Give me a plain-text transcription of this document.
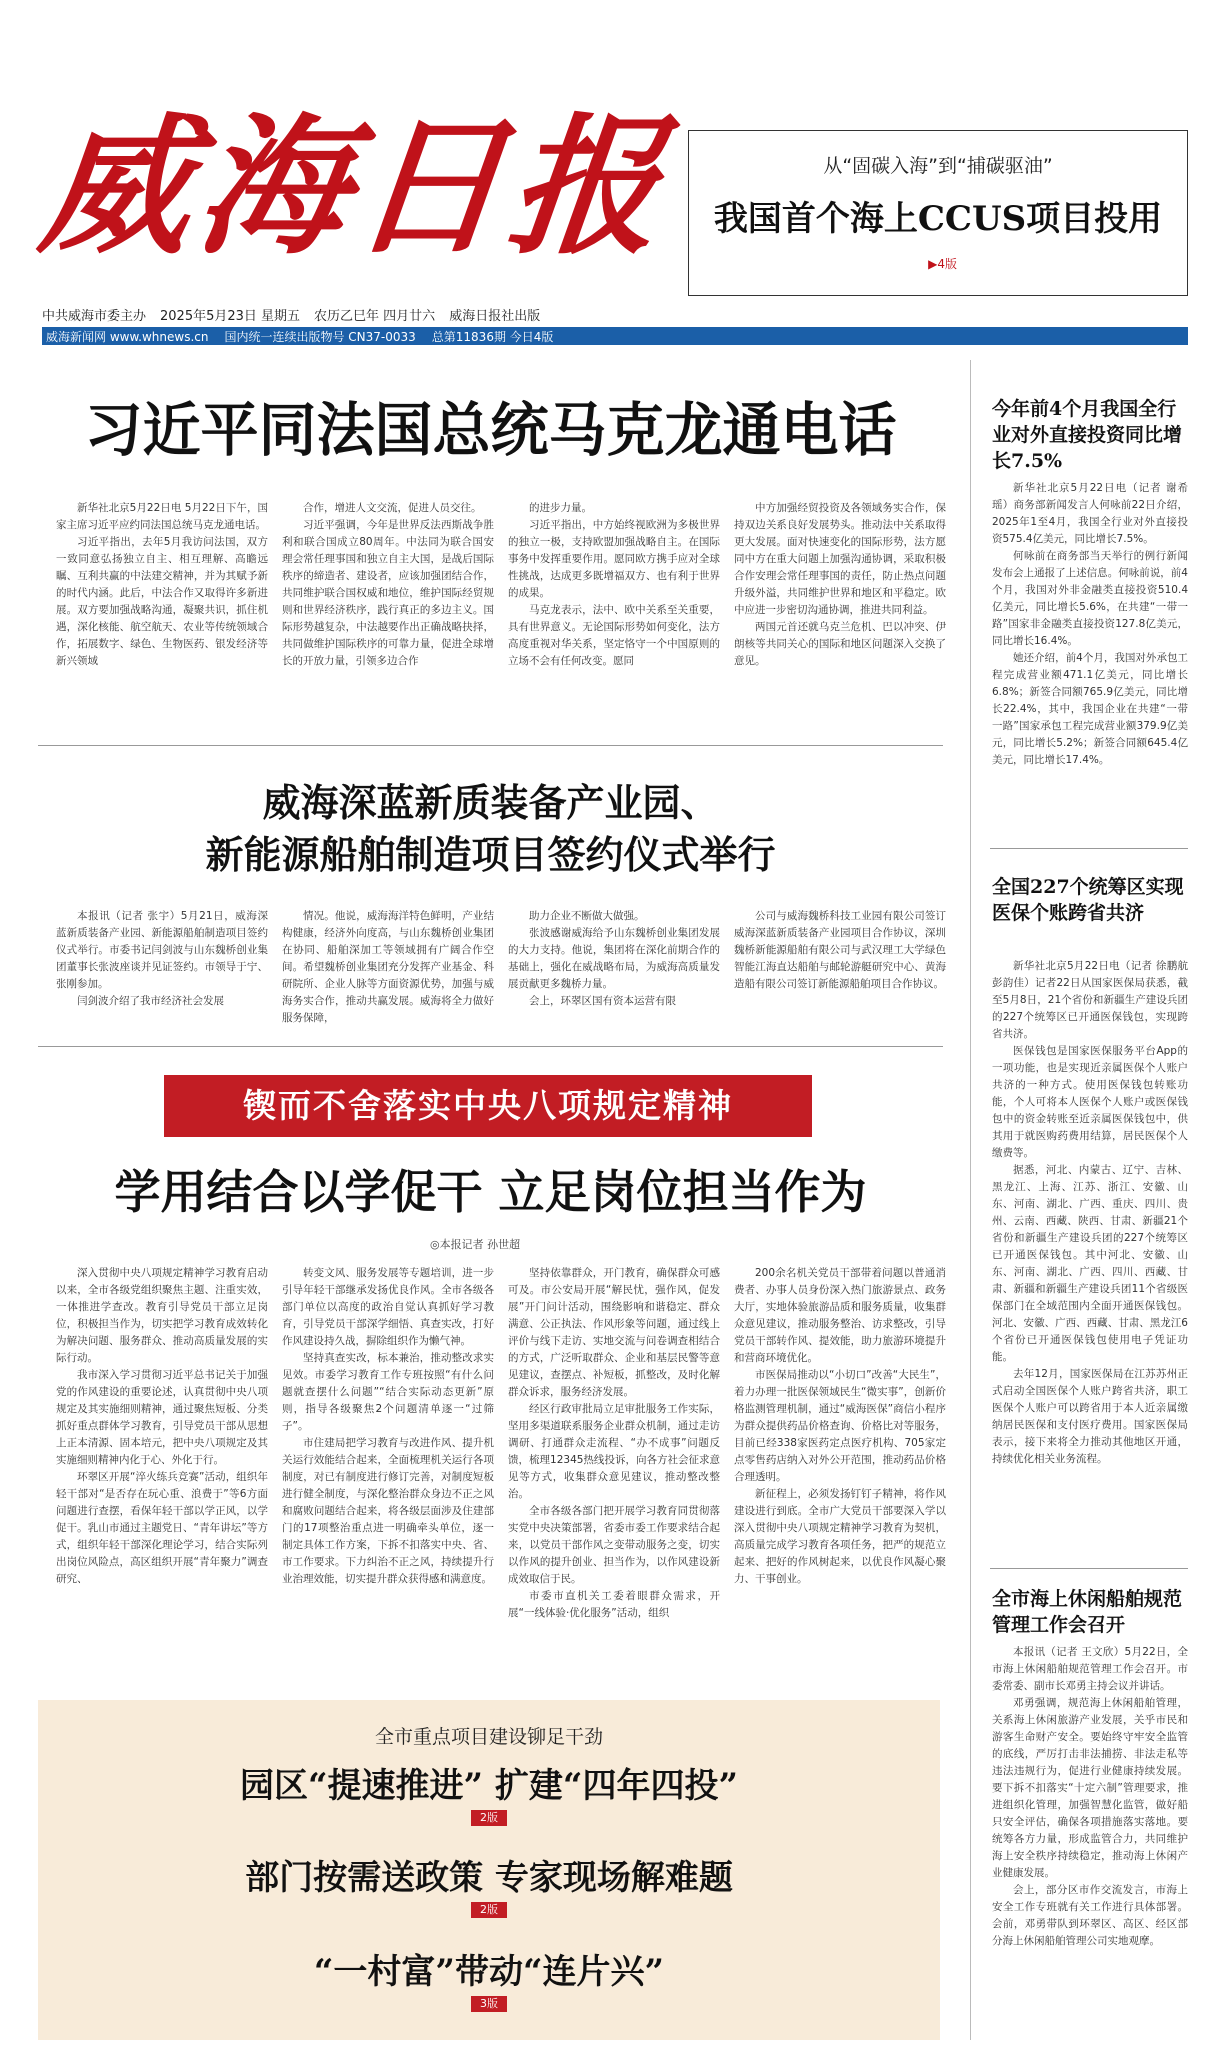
威海日报	从“固碳入海”到“捕碳驱油”
我国首个海上CCUS项目投用
▶4版
中共威海市委主办 2025年5月23日 星期五 农历乙巳年 四月廿六 威海日报社出版
威海新闻网 www.whnews.cn 国内统一连续出版物号 CN37-0033 总第11836期 今日4版
习近平同法国总统马克龙通电话

新华社北京5月22日电 5月22日下午，国家主席习近平应约同法国总统马克龙通电话。

习近平指出，去年5月我访问法国，双方一致同意弘扬独立自主、相互理解、高瞻远瞩、互利共赢的中法建交精神，并为其赋予新的时代内涵。此后，中法合作又取得许多新进展。双方要加强战略沟通，凝聚共识，抓住机遇，深化核能、航空航天、农业等传统领域合作，拓展数字、绿色、生物医药、银发经济等新兴领域

合作，增进人文交流，促进人员交往。

习近平强调，今年是世界反法西斯战争胜利和联合国成立80周年。中法同为联合国安理会常任理事国和独立自主大国，是战后国际秩序的缔造者、建设者，应该加强团结合作，共同维护联合国权威和地位，维护国际经贸规则和世界经济秩序，践行真正的多边主义。国际形势越复杂，中法越要作出正确战略抉择，共同做维护国际秩序的可靠力量，促进全球增长的开放力量，引领多边合作

的进步力量。

习近平指出，中方始终视欧洲为多极世界的独立一极，支持欧盟加强战略自主。在国际事务中发挥重要作用。愿同欧方携手应对全球性挑战，达成更多既增福双方、也有利于世界的成果。

马克龙表示，法中、欧中关系至关重要，具有世界意义。无论国际形势如何变化，法方高度重视对华关系，坚定恪守一个中国原则的立场不会有任何改变。愿同

中方加强经贸投资及各领域务实合作，保持双边关系良好发展势头。推动法中关系取得更大发展。面对快速变化的国际形势，法方愿同中方在重大问题上加强沟通协调，采取积极合作安理会常任理事国的责任，防止热点问题升级外溢，共同维护世界和地区和平稳定。欧中应进一步密切沟通协调，推进共同利益。

两国元首还就乌克兰危机、巴以冲突、伊朗核等共同关心的国际和地区问题深入交换了意见。

威海深蓝新质装备产业园、
新能源船舶制造项目签约仪式举行

本报讯（记者 张宇）5月21日，威海深蓝新质装备产业园、新能源船舶制造项目签约仪式举行。市委书记闫剑波与山东魏桥创业集团董事长张波座谈并见证签约。市领导于宁、张刚参加。

闫剑波介绍了我市经济社会发展

情况。他说，威海海洋特色鲜明，产业结构健康，经济外向度高，与山东魏桥创业集团在协同、船舶深加工等领域拥有广阔合作空间。希望魏桥创业集团充分发挥产业基金、科研院所、企业人脉等方面资源优势，加强与威海务实合作，推动共赢发展。威海将全力做好服务保障，

助力企业不断做大做强。

张波感谢威海给予山东魏桥创业集团发展的大力支持。他说，集团将在深化前期合作的基础上，强化在威战略布局，为威海高质量发展贡献更多魏桥力量。

会上，环翠区国有资本运营有限

公司与威海魏桥科技工业园有限公司签订威海深蓝新质装备产业园项目合作协议，深圳魏桥新能源船舶有限公司与武汉理工大学绿色智能江海直达船舶与邮轮游艇研究中心、黄海造船有限公司签订新能源船舶项目合作协议。

锲而不舍落实中央八项规定精神
学用结合以学促干 立足岗位担当作为
◎本报记者 孙世超

深入贯彻中央八项规定精神学习教育启动以来，全市各级党组织聚焦主题、注重实效，一体推进学查改。教育引导党员干部立足岗位，积极担当作为，切实把学习教育成效转化为解决问题、服务群众、推动高质量发展的实际行动。

我市深入学习贯彻习近平总书记关于加强党的作风建设的重要论述，认真贯彻中央八项规定及其实施细则精神，通过聚焦短板、分类抓好重点群体学习教育，引导党员干部从思想上正本清源、固本培元，把中央八项规定及其实施细则精神内化于心、外化于行。

环翠区开展“淬火练兵竞赛”活动，组织年轻干部对“是否存在玩心重、浪费于”等6方面问题进行查摆，看保年轻干部以学正风，以学促干。乳山市通过主题党日、“青年讲坛”等方式，组织年轻干部深化理论学习，结合实际列出岗位风险点，高区组织开展“青年聚力”调查研究、

转变文风、服务发展等专题培训，进一步引导年轻干部继承发扬优良作风。全市各级各部门单位以高度的政治自觉认真抓好学习教育，引导党员干部深学细悟、真查实改，打好作风建设持久战，摒除组织作为懒气神。

坚持真查实改，标本兼治，推动整改求实见效。市委学习教育工作专班按照“有什么问题就查摆什么问题”“结合实际动态更新”原则，指导各级聚焦2个问题清单逐一“过筛子”。

市住建局把学习教育与改进作风、提升机关运行效能结合起来，全面梳理机关运行各项制度，对已有制度进行修订完善，对制度短板进行健全制度，与深化整治群众身边不正之风和腐败问题结合起来，将各级层面涉及住建部门的17项整治重点进一明确牵头单位，逐一制定具体工作方案，下拆不扣落实中央、省、市工作要求。下力纠治不正之风，持续提升行业治理效能，切实提升群众获得感和满意度。

坚持依靠群众，开门教育，确保群众可感可及。市公安局开展“解民忧，强作风，促发展”开门问计活动，围绕影响和谐稳定、群众满意、公正执法、作风形象等问题，通过线上评价与线下走访、实地交流与问卷调查相结合的方式，广泛听取群众、企业和基层民警等意见建议，查摆点、补短板，抓整改，及时化解群众诉求，服务经济发展。

经区行政审批局立足审批服务工作实际，坚用多渠道联系服务企业群众机制，通过走访调研、打通群众走流程、“办不成事”问题反馈，梳理12345热线投诉，向各方社会征求意见等方式，收集群众意见建议，推动整改整治。

全市各级各部门把开展学习教育同贯彻落实党中央决策部署，省委市委工作要求结合起来，以党员干部作风之变带动服务之变，切实以作风的提升创业、担当作为，以作风建设新成效取信于民。

市委市直机关工委着眼群众需求，开展“一线体验·优化服务”活动，组织

200余名机关党员干部带着问题以普通消费者、办事人员身份深入热门旅游景点、政务大厅，实地体验旅游品质和服务质量，收集群众意见建议，推动服务整治、访求整改，引导党员干部转作风、提效能，助力旅游环境提升和营商环境优化。

市医保局推动以“小切口”改善“大民生”，着力办理一批医保领域民生“微实事”，创新价格监测管理机制，通过“威海医保”商信小程序为群众提供药品价格查询、价格比对等服务，目前已经338家医药定点医疗机构、705家定点零售药店纳入对外公开范围，推动药品价格合理透明。

新征程上，必须发扬钉钉子精神，将作风建设进行到底。全市广大党员干部要深入学以深入贯彻中央八项规定精神学习教育为契机，高质量完成学习教育各项任务，把严的规范立起来、把好的作风树起来，以优良作风凝心聚力、干事创业。

全市重点项目建设铆足干劲
园区“提速推进” 扩建“四年四投”
2版
部门按需送政策 专家现场解难题
2版
“一村富”带动“连片兴”
3版
今年前4个月我国全行业对外直接投资同比增长7.5%

新华社北京5月22日电（记者 谢希瑶）商务部新闻发言人何咏前22日介绍，2025年1至4月，我国全行业对外直接投资575.4亿美元，同比增长7.5%。

何咏前在商务部当天举行的例行新闻发布会上通报了上述信息。何咏前说，前4个月，我国对外非金融类直接投资510.4亿美元，同比增长5.6%，在共建“一带一路”国家非金融类直接投资127.8亿美元，同比增长16.4%。

她还介绍，前4个月，我国对外承包工程完成营业额471.1亿美元，同比增长6.8%；新签合同额765.9亿美元，同比增长22.4%，其中，我国企业在共建“一带一路”国家承包工程完成营业额379.9亿美元，同比增长5.2%；新签合同额645.4亿美元，同比增长17.4%。

全国227个统筹区实现医保个账跨省共济

新华社北京5月22日电（记者 徐鹏航 彭韵佳）记者22日从国家医保局获悉，截至5月8日，21个省份和新疆生产建设兵团的227个统筹区已开通医保钱包，实现跨省共济。

医保钱包是国家医保服务平台App的一项功能，也是实现近亲属医保个人账户共济的一种方式。使用医保钱包转账功能，个人可将本人医保个人账户或医保钱包中的资金转账至近亲属医保钱包中，供其用于就医购药费用结算，居民医保个人缴费等。

据悉，河北、内蒙古、辽宁、吉林、黑龙江、上海、江苏、浙江、安徽、山东、河南、湖北、广西、重庆、四川、贵州、云南、西藏、陕西、甘肃、新疆21个省份和新疆生产建设兵团的227个统筹区已开通医保钱包。其中河北、安徽、山东、河南、湖北、广西、四川、西藏、甘肃、新疆和新疆生产建设兵团11个省级医保部门在全域范围内全面开通医保钱包。河北、安徽、广西、西藏、甘肃、黑龙江6个省份已开通医保钱包使用电子凭证功能。

去年12月，国家医保局在江苏苏州正式启动全国医保个人账户跨省共济，职工医保个人账户可以跨省用于本人近亲属缴纳居民医保和支付医疗费用。国家医保局表示，接下来将全力推动其他地区开通，持续优化相关业务流程。

全市海上休闲船舶规范管理工作会召开

本报讯（记者 王文欣）5月22日，全市海上休闲船舶规范管理工作会召开。市委常委、副市长邓勇主持会议并讲话。

邓勇强调，规范海上休闲船舶管理，关系海上休闲旅游产业发展，关乎市民和游客生命财产安全。要始终守牢安全监管的底线，严厉打击非法捕捞、非法走私等违法违规行为，促进行业健康持续发展。要下拆不扣落实“十定六制”管理要求，推进组织化管理，加强智慧化监管，做好船只安全评估，确保各项措施落实落地。要统筹各方力量，形成监管合力，共同维护海上安全秩序持续稳定，推动海上休闲产业健康发展。

会上，部分区市作交流发言，市海上安全工作专班就有关工作进行具体部署。会前，邓勇带队到环翠区、高区、经区部分海上休闲船舶管理公司实地观摩。
